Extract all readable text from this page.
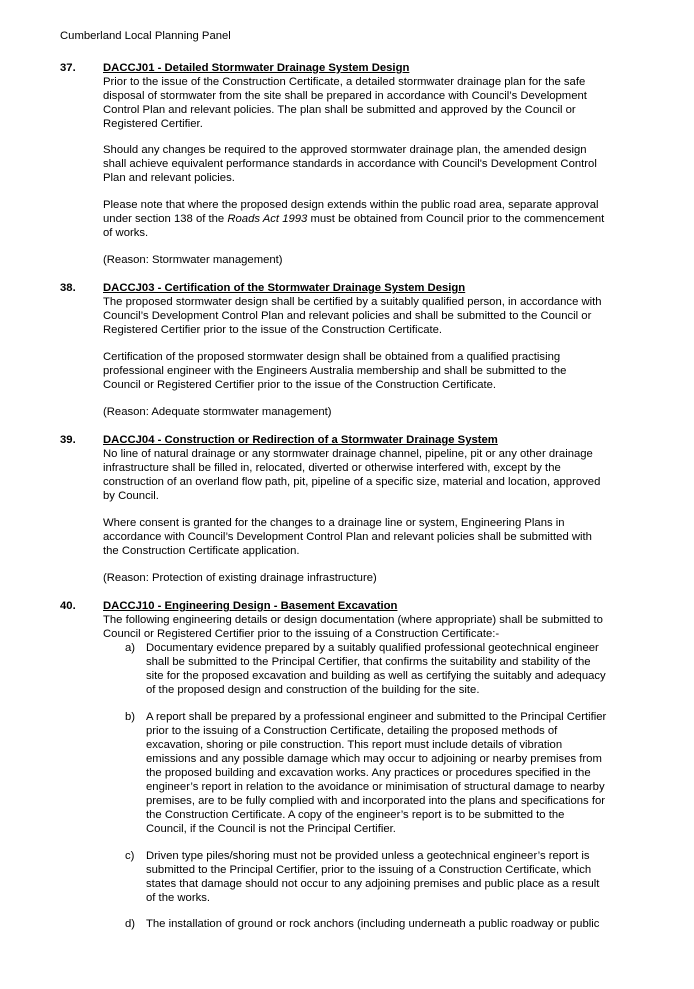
Cumberland Local Planning Panel
37. DACCJ01 - Detailed Stormwater Drainage System Design
Prior to the issue of the Construction Certificate, a detailed stormwater drainage plan for the safe
disposal of stormwater from the site shall be prepared in accordance with Council’s Development
Control Plan and relevant policies. The plan shall be submitted and approved by the Council or
Registered Certifier.
Should any changes be required to the approved stormwater drainage plan, the amended design
shall achieve equivalent performance standards in accordance with Council's Development Control
Plan and relevant policies.
Please note that where the proposed design extends within the public road area, separate approval
under section 138 of the Roads Act 1993 must be obtained from Council prior to the commencement
of works.
(Reason: Stormwater management)
38. DACCJ03 - Certification of the Stormwater Drainage System Design
The proposed stormwater design shall be certified by a suitably qualified person, in accordance with
Council’s Development Control Plan and relevant policies and shall be submitted to the Council or
Registered Certifier prior to the issue of the Construction Certificate.
Certification of the proposed stormwater design shall be obtained from a qualified practising
professional engineer with the Engineers Australia membership and shall be submitted to the
Council or Registered Certifier prior to the issue of the Construction Certificate.
(Reason: Adequate stormwater management)
39. DACCJ04 - Construction or Redirection of a Stormwater Drainage System
No line of natural drainage or any stormwater drainage channel, pipeline, pit or any other drainage
infrastructure shall be filled in, relocated, diverted or otherwise interfered with, except by the
construction of an overland flow path, pit, pipeline of a specific size, material and location, approved
by Council.
Where consent is granted for the changes to a drainage line or system, Engineering Plans in
accordance with Council’s Development Control Plan and relevant policies shall be submitted with
the Construction Certificate application.
(Reason: Protection of existing drainage infrastructure)
40. DACCJ10 - Engineering Design - Basement Excavation
The following engineering details or design documentation (where appropriate) shall be submitted to
Council or Registered Certifier prior to the issuing of a Construction Certificate:-
a) Documentary evidence prepared by a suitably qualified professional geotechnical engineer
shall be submitted to the Principal Certifier, that confirms the suitability and stability of the
site for the proposed excavation and building as well as certifying the suitably and adequacy
of the proposed design and construction of the building for the site.
b) A report shall be prepared by a professional engineer and submitted to the Principal Certifier
prior to the issuing of a Construction Certificate, detailing the proposed methods of
excavation, shoring or pile construction. This report must include details of vibration
emissions and any possible damage which may occur to adjoining or nearby premises from
the proposed building and excavation works. Any practices or procedures specified in the
engineer’s report in relation to the avoidance or minimisation of structural damage to nearby
premises, are to be fully complied with and incorporated into the plans and specifications for
the Construction Certificate. A copy of the engineer’s report is to be submitted to the
Council, if the Council is not the Principal Certifier.
c) Driven type piles/shoring must not be provided unless a geotechnical engineer’s report is
submitted to the Principal Certifier, prior to the issuing of a Construction Certificate, which
states that damage should not occur to any adjoining premises and public place as a result
of the works.
d) The installation of ground or rock anchors (including underneath a public roadway or public
